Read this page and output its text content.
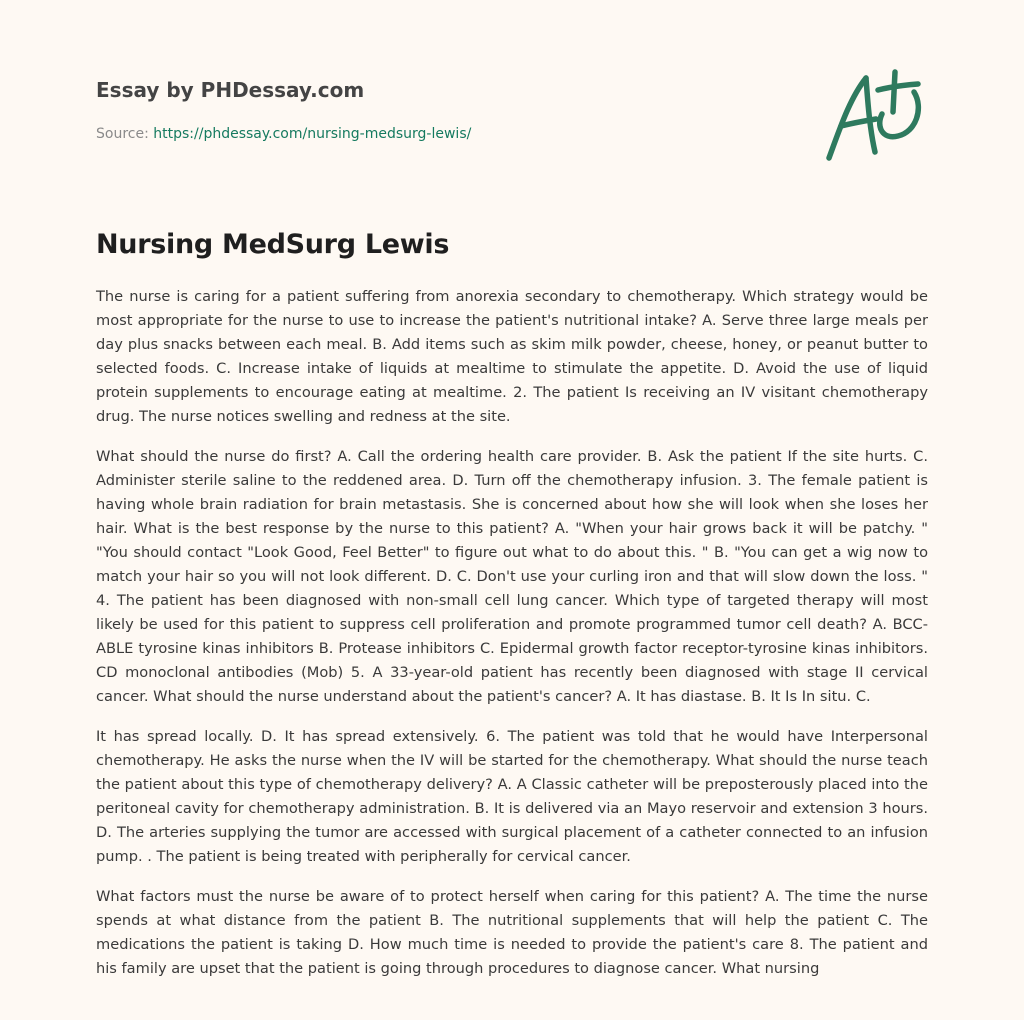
Essay by PHDessay.com
Source: https://phdessay.com/nursing-medsurg-lewis/
Nursing MedSurg Lewis

The nurse is caring for a patient suffering from anorexia secondary to chemotherapy. Which strategy would be most appropriate for the nurse to use to increase the patient's nutritional intake? A. Serve three large meals per day plus snacks between each meal. B. Add items such as skim milk powder, cheese, honey, or peanut butter to selected foods. C. Increase intake of liquids at mealtime to stimulate the appetite. D. Avoid the use of liquid protein supplements to encourage eating at mealtime. 2. The patient Is receiving an IV visitant chemotherapy drug. The nurse notices swelling and redness at the site.

What should the nurse do first? A. Call the ordering health care provider. B. Ask the patient If the site hurts. C. Administer sterile saline to the reddened area. D. Turn off the chemotherapy infusion. 3. The female patient is having whole brain radiation for brain metastasis. She is concerned about how she will look when she loses her hair. What is the best response by the nurse to this patient? A. "When your hair grows back it will be patchy. " "You should contact "Look Good, Feel Better" to figure out what to do about this. " B. "You can get a wig now to match your hair so you will not look different. D. C. Don't use your curling iron and that will slow down the loss. " 4. The patient has been diagnosed with non-small cell lung cancer. Which type of targeted therapy will most likely be used for this patient to suppress cell proliferation and promote programmed tumor cell death? A. BCC-ABLE tyrosine kinas inhibitors B. Protease inhibitors C. Epidermal growth factor receptor-tyrosine kinas inhibitors. CD monoclonal antibodies (Mob) 5. A 33-year-old patient has recently been diagnosed with stage II cervical cancer. What should the nurse understand about the patient's cancer? A. It has diastase. B. It Is In situ. C.

It has spread locally. D. It has spread extensively. 6. The patient was told that he would have Interpersonal chemotherapy. He asks the nurse when the IV will be started for the chemotherapy. What should the nurse teach the patient about this type of chemotherapy delivery? A. A Classic catheter will be preposterously placed into the peritoneal cavity for chemotherapy administration. B. It is delivered via an Mayo reservoir and extension 3 hours. D. The arteries supplying the tumor are accessed with surgical placement of a catheter connected to an infusion pump. . The patient is being treated with peripherally for cervical cancer.

What factors must the nurse be aware of to protect herself when caring for this patient? A. The time the nurse spends at what distance from the patient B. The nutritional supplements that will help the patient C. The medications the patient is taking D. How much time is needed to provide the patient's care 8. The patient and his family are upset that the patient is going through procedures to diagnose cancer. What nursing
